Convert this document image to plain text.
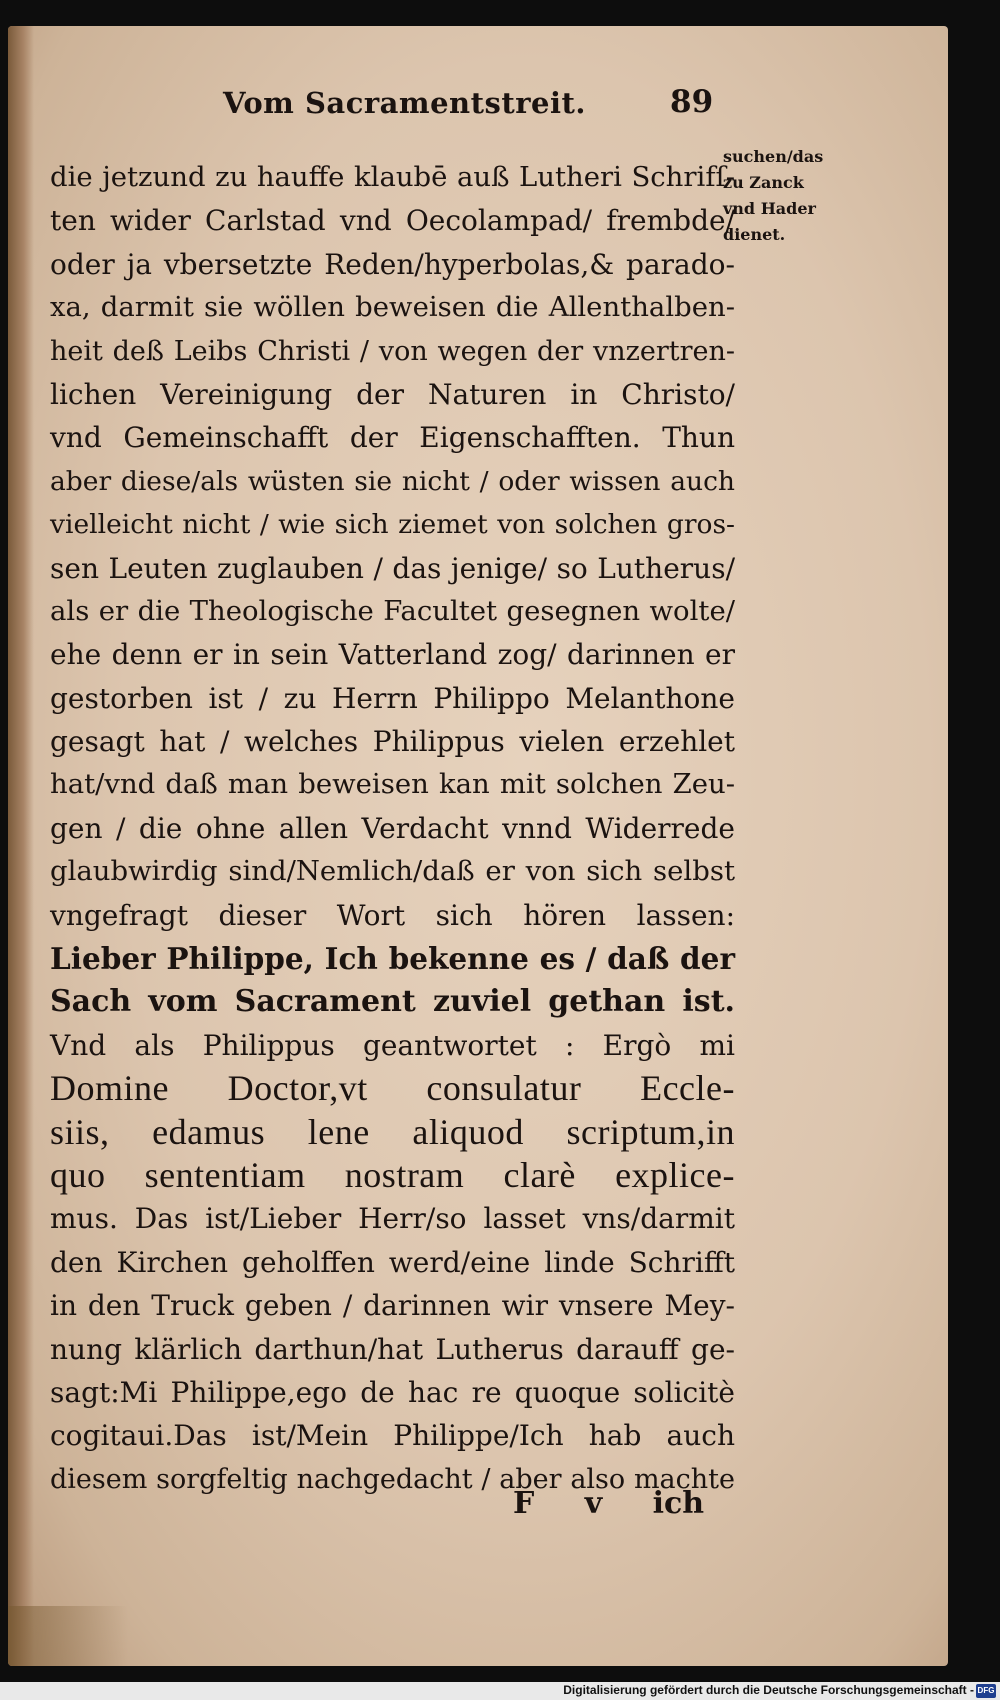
Vom Sacramentstreit.	89
suchen/das
zu Zanck
vnd Hader
dienet.
die jetzund zu hauffe klaubē auß Lutheri Schrifſ-
ten wider Carlstad vnd Oecolampad/ frembde/
oder ja vbersetzte Reden/hyperbolas,& parado-
xa, darmit sie wöllen beweisen die Allenthalben-
heit deß Leibs Christi / von wegen der vnzertren-
lichen Vereinigung der Naturen in Christo/
vnd Gemeinschafft der Eigenschafften. Thun
aber diese/als wüsten sie nicht / oder wissen auch
vielleicht nicht / wie sich ziemet von solchen gros-
sen Leuten zuglauben / das jenige/ so Lutherus/
als er die Theologische Facultet gesegnen wolte/
ehe denn er in sein Vatterland zog/ darinnen er
gestorben ist / zu Herrn Philippo Melanthone
gesagt hat / welches Philippus vielen erzehlet
hat/vnd daß man beweisen kan mit solchen Zeu-
gen / die ohne allen Verdacht vnnd Widerrede
glaubwirdig sind/Nemlich/daß er von sich selbst
vngefragt dieser Wort sich hören lassen:
Lieber Philippe, Ich bekenne es / daß der
Sach vom Sacrament zuviel gethan ist.
Vnd als Philippus geantwortet : Ergò mi
Domine Doctor,vt consulatur Eccle-
siis, edamus lene aliquod scriptum,in
quo sententiam nostram clarè explice-
mus. Das ist/Lieber Herr/so lasset vns/darmit
den Kirchen geholffen werd/eine linde Schrifft
in den Truck geben / darinnen wir vnsere Mey-
nung klärlich darthun/hat Lutherus darauff ge-
sagt:Mi Philippe,ego de hac re quoque solicitè
cogitaui.Das ist/Mein Philippe/Ich hab auch
diesem sorgfeltig nachgedacht / aber also machte
F v ich
Digitalisierung gefördert durch die Deutsche Forschungsgemeinschaft - DFG
